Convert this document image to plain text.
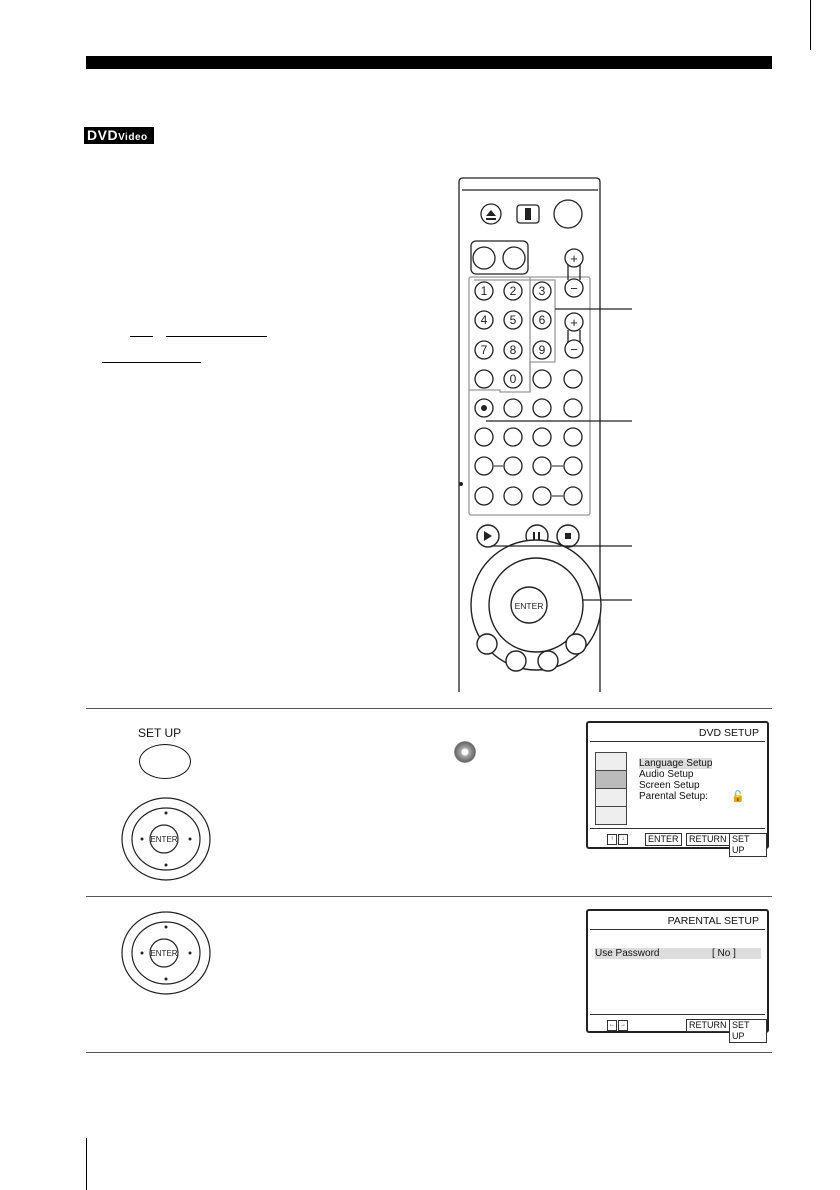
DVDVideo
+
−
+
−
1 2 3
4 5 6
7 8 9
0
ENTER
SET UP
ENTER
DVD SETUP
Language Setup
Audio Setup
Screen Setup
Parental Setup:	🔓
↑	↓	ENTER	RETURN SET UP
ENTER
PARENTAL SETUP
Use Password	[ No ]
← →	RETURN SET UP
